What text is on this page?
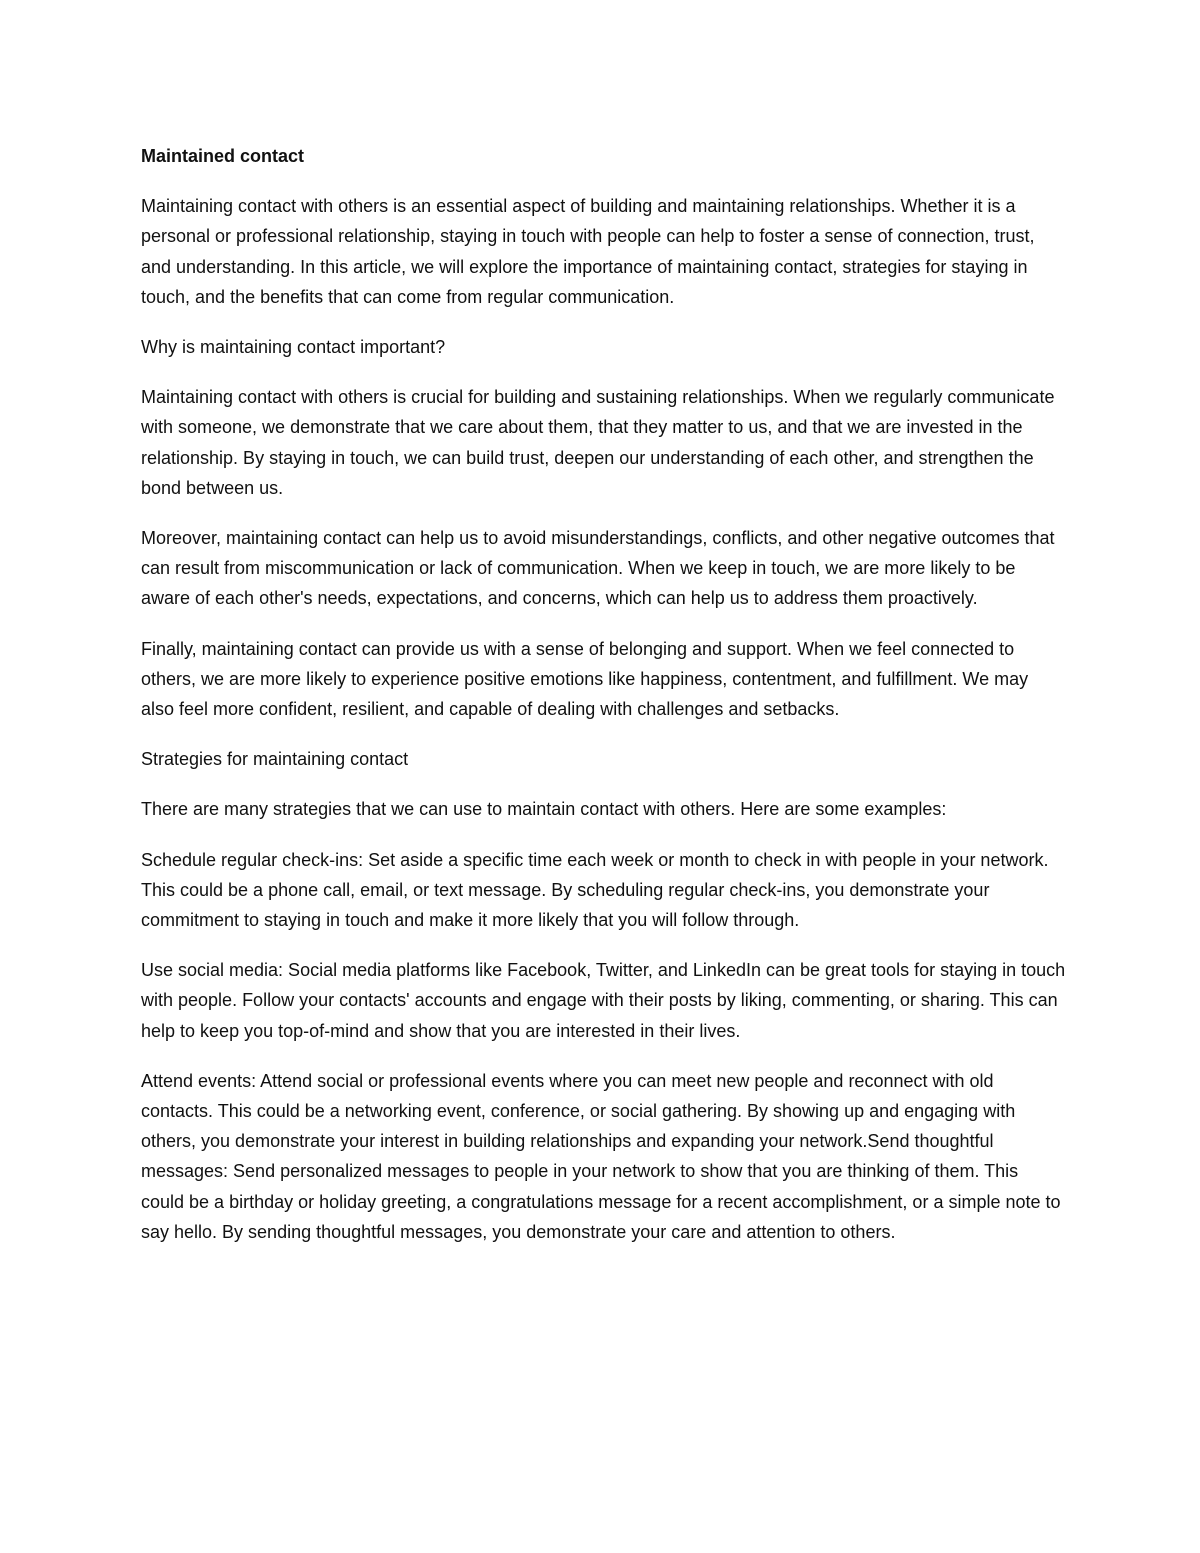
Maintained contact

Maintaining contact with others is an essential aspect of building and maintaining relationships. Whether it is a personal or professional relationship, staying in touch with people can help to foster a sense of connection, trust, and understanding. In this article, we will explore the importance of maintaining contact, strategies for staying in touch, and the benefits that can come from regular communication.

Why is maintaining contact important?

Maintaining contact with others is crucial for building and sustaining relationships. When we regularly communicate with someone, we demonstrate that we care about them, that they matter to us, and that we are invested in the relationship. By staying in touch, we can build trust, deepen our understanding of each other, and strengthen the bond between us.

Moreover, maintaining contact can help us to avoid misunderstandings, conflicts, and other negative outcomes that can result from miscommunication or lack of communication. When we keep in touch, we are more likely to be aware of each other's needs, expectations, and concerns, which can help us to address them proactively.

Finally, maintaining contact can provide us with a sense of belonging and support. When we feel connected to others, we are more likely to experience positive emotions like happiness, contentment, and fulfillment. We may also feel more confident, resilient, and capable of dealing with challenges and setbacks.

Strategies for maintaining contact

There are many strategies that we can use to maintain contact with others. Here are some examples:

Schedule regular check-ins: Set aside a specific time each week or month to check in with people in your network. This could be a phone call, email, or text message. By scheduling regular check-ins, you demonstrate your commitment to staying in touch and make it more likely that you will follow through.

Use social media: Social media platforms like Facebook, Twitter, and LinkedIn can be great tools for staying in touch with people. Follow your contacts' accounts and engage with their posts by liking, commenting, or sharing. This can help to keep you top-of-mind and show that you are interested in their lives.

Attend events: Attend social or professional events where you can meet new people and reconnect with old contacts. This could be a networking event, conference, or social gathering. By showing up and engaging with others, you demonstrate your interest in building relationships and expanding your network.Send thoughtful messages: Send personalized messages to people in your network to show that you are thinking of them. This could be a birthday or holiday greeting, a congratulations message for a recent accomplishment, or a simple note to say hello. By sending thoughtful messages, you demonstrate your care and attention to others.
